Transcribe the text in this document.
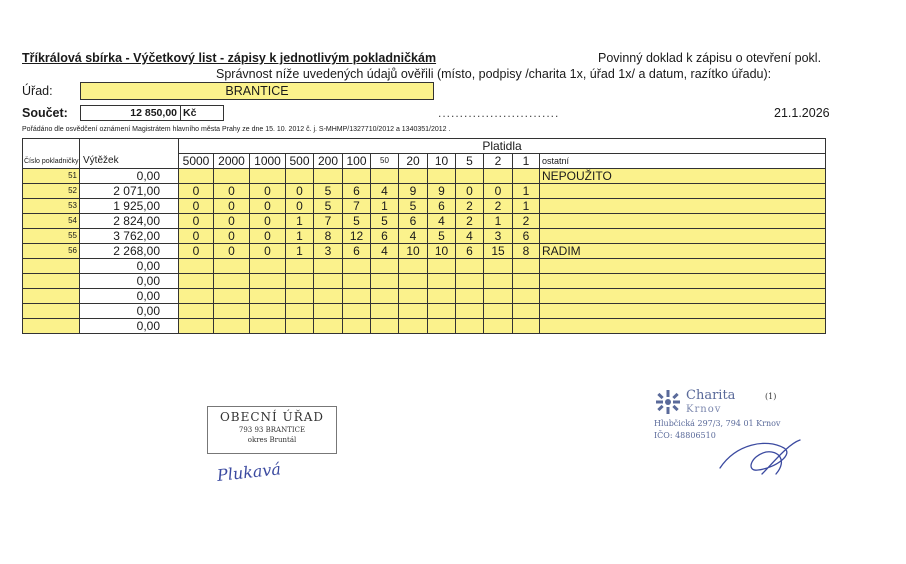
Tříkrálová sbírka - Výčetkový list - zápisy k jednotlivým pokladničkám	Povinný doklad k zápisu o otevření pokl.
Správnost níže uvedených údajů ověřili (místo, podpisy /charita 1x, úřad 1x/ a datum, razítko úřadu):
Úřad:	BRANTICE
Součet:	12 850,00 Kč	............................	21.1.2026
Pořádáno dle osvědčení oznámení Magistrátem hlavního města Prahy ze dne 15. 10. 2012 č. j. S-MHMP/1327710/2012 a 1340351/2012 .
Číslo pokladničky	Výtěžek	Platidla												
		5000	2000	1000	500	200	100	50	20	10	5	2	1	ostatní
51	0,00													NEPOUŽITO
52	2 071,00	0	0	0	0	5	6	4	9	9	0	0	1	
53	1 925,00	0	0	0	0	5	7	1	5	6	2	2	1	
54	2 824,00	0	0	0	1	7	5	5	6	4	2	1	2	
55	3 762,00	0	0	0	1	8	12	6	4	5	4	3	6	
56	2 268,00	0	0	0	1	3	6	4	10	10	6	15	8	RADIM
	0,00													
	0,00													
	0,00													
	0,00													
	0,00													
OBECNÍ ÚŘAD
793 93 BRANTICE
okres Bruntál
Plukavá
Charita
Krnov
(1)
Hlubčická 297/3, 794 01 Krnov
IČO: 48806510
